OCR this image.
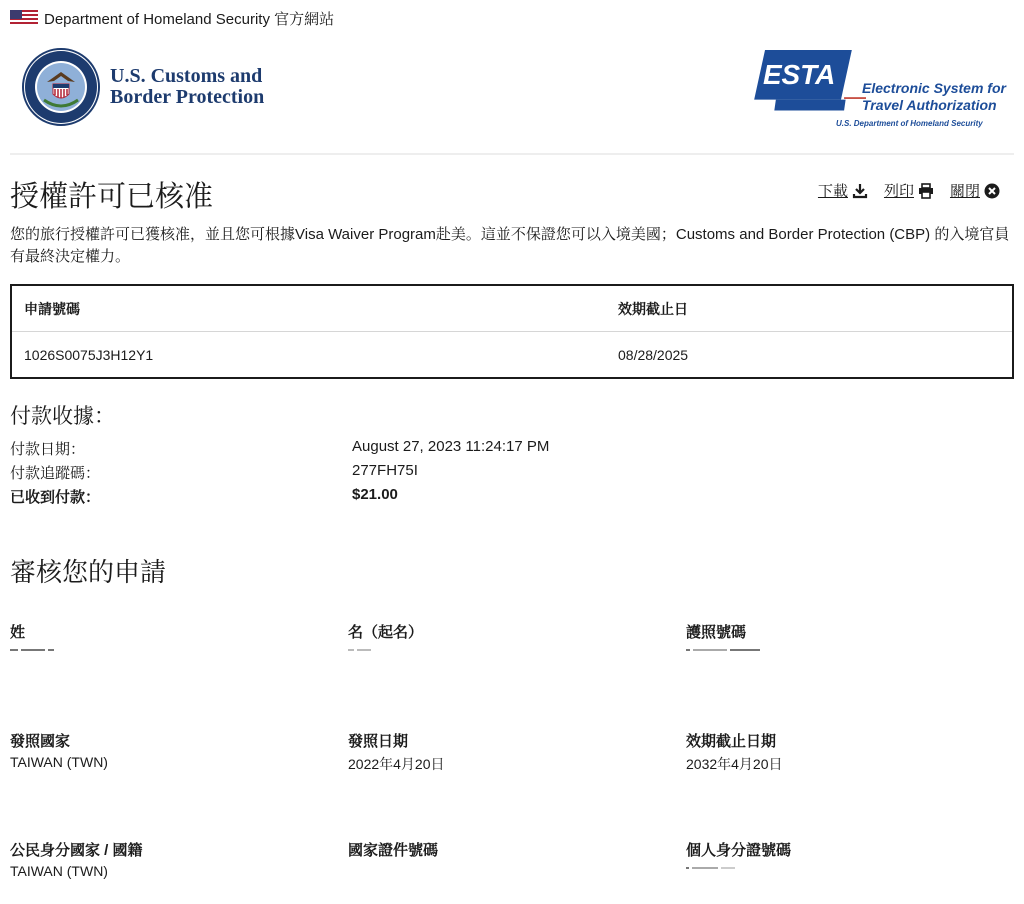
Department of Homeland Security 官方網站
U.S. Customs and
Border Protection
ESTA Electronic System for
Travel Authorization
U.S. Department of Homeland Security
授權許可已核准	下載 列印 關閉

您的旅行授權許可已獲核准，並且您可根據Visa Waiver Program赴美。這並不保證您可以入境美國；Customs and Border Protection (CBP) 的入境官員有最終決定權力。

申請號碼	效期截止日
1026S0075J3H12Y1	08/28/2025
付款收據：
付款日期：	August 27, 2023 11:24:17 PM
付款追蹤碼：	277FH75I
已收到付款：	$21.00
審核您的申請
姓	名（起名）	護照號碼
發照國家
TAIWAN (TWN)
發照日期
2022年4月20日
效期截止日期
2032年4月20日
公民身分國家 / 國籍
TAIWAN (TWN)
國家證件號碼	個人身分證號碼
